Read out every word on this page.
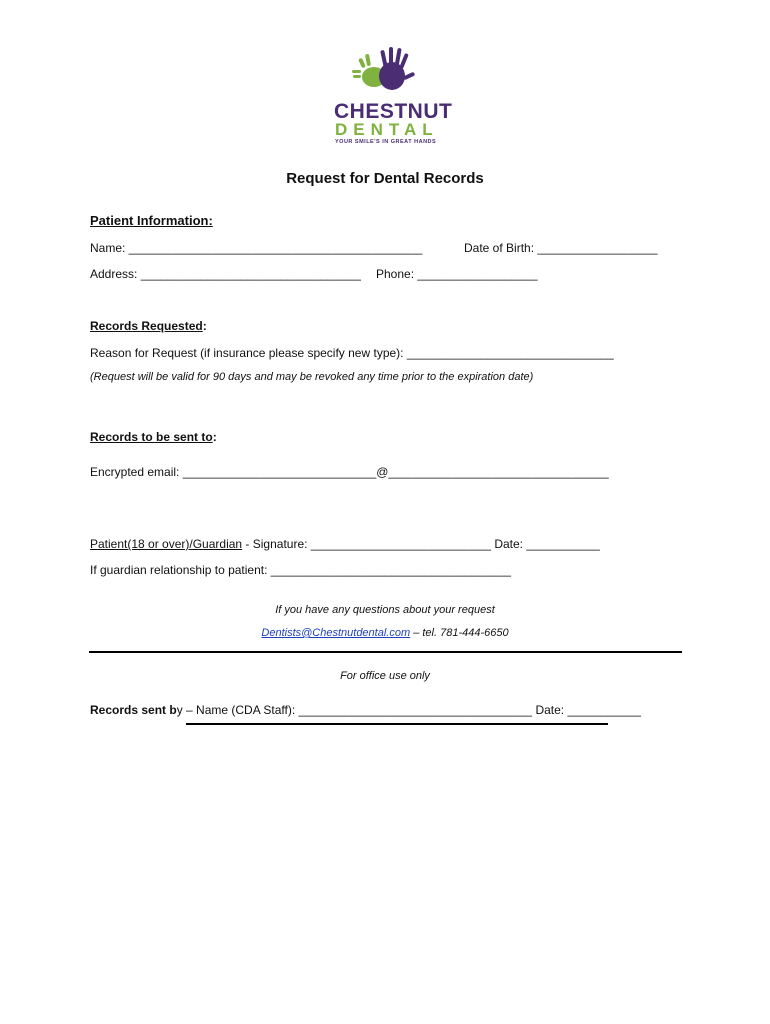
CHESTNUT
DENTAL
YOUR SMILE'S IN GREAT HANDS
Request for Dental Records
Patient Information:
Name: ____________________________________________	Date of Birth: __________________
Address: _________________________________ Phone: __________________
Records Requested:
Reason for Request (if insurance please specify new type): _______________________________
(Request will be valid for 90 days and may be revoked any time prior to the expiration date)
Records to be sent to:
Encrypted email: _____________________________@_________________________________
Patient(18 or over)/Guardian - Signature: ___________________________ Date: ___________
If guardian relationship to patient: ____________________________________
If you have any questions about your request
Dentists@Chestnutdental.com – tel. 781-444-6650
For office use only
Records sent by – Name (CDA Staff): ___________________________________ Date: ___________
